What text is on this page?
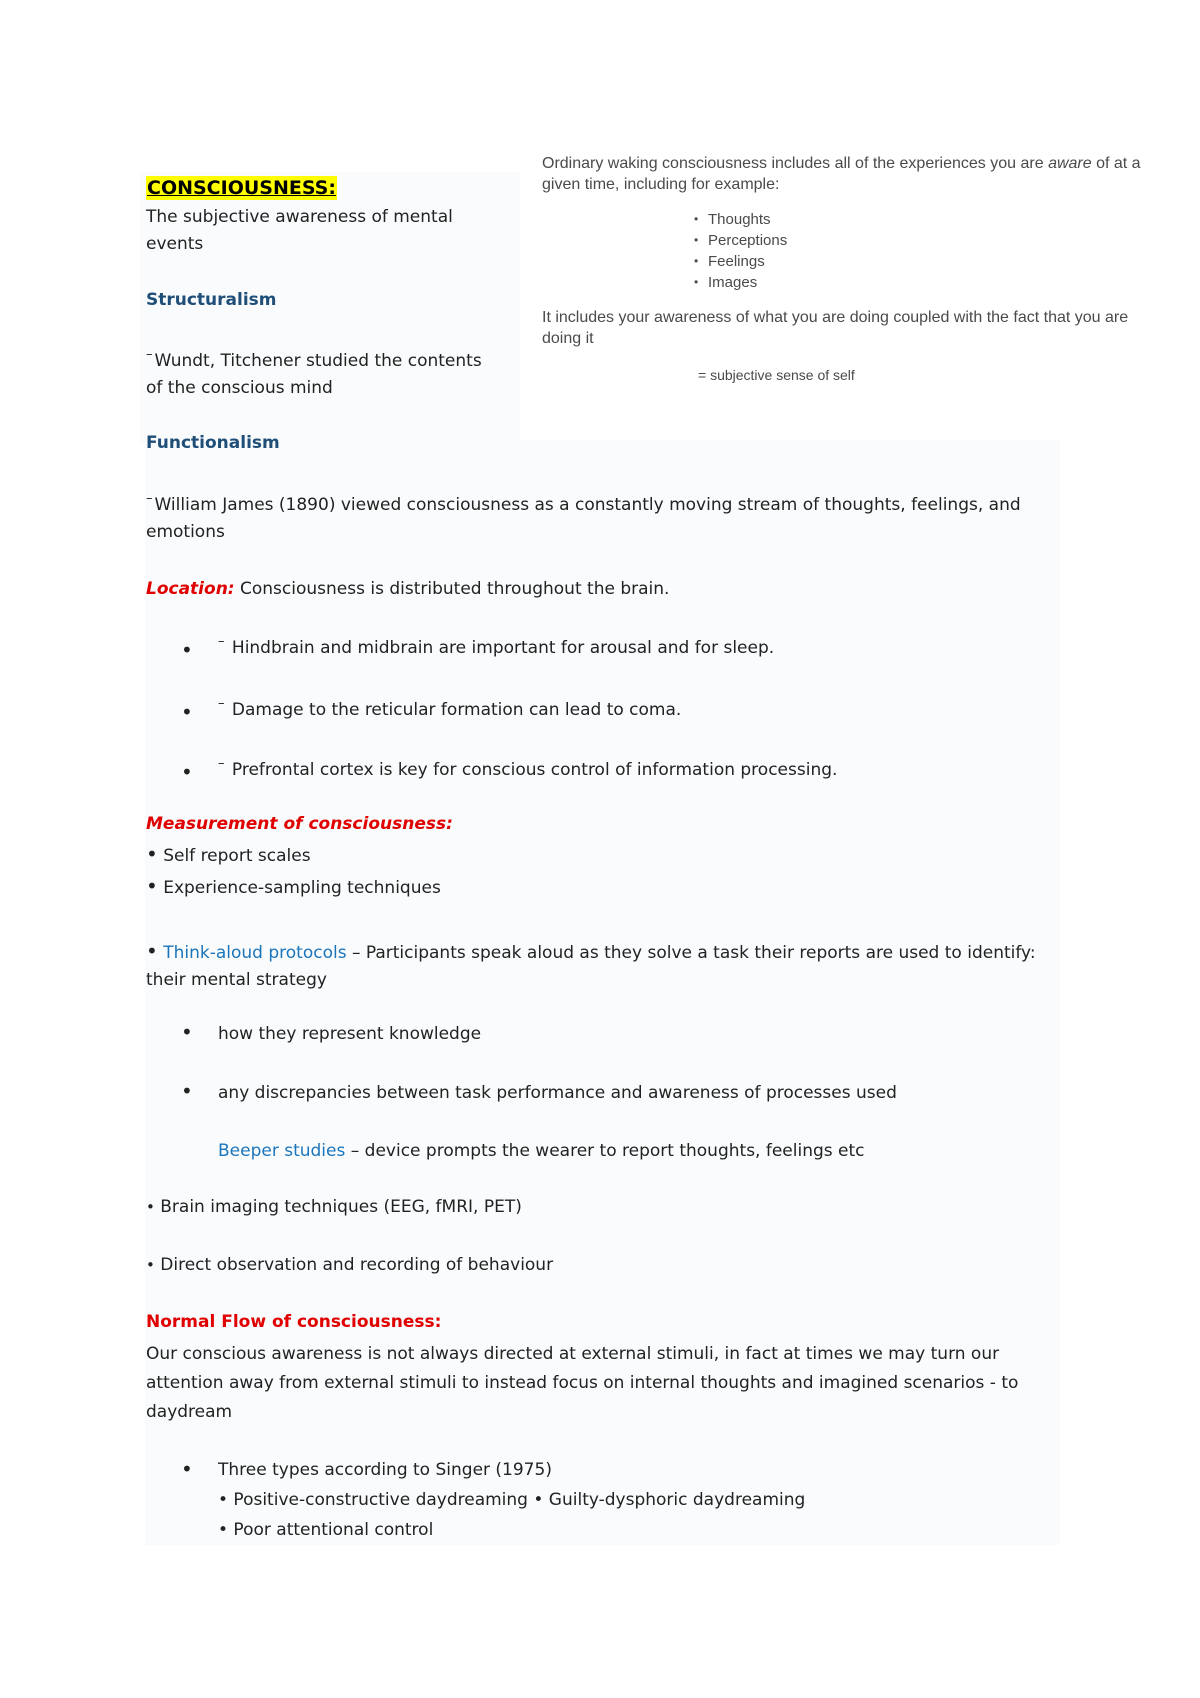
CONSCIOUSNESS:
The subjective awareness of mental events
Structuralism
– Wundt, Titchener studied the contents of the conscious mind
Functionalism
– William James (1890) viewed consciousness as a constantly moving stream of thoughts, feelings, and emotions
Ordinary waking consciousness includes all of the experiences you are aware of at a given time, including for example:
• Thoughts
• Perceptions
• Feelings
• Images
It includes your awareness of what you are doing coupled with the fact that you are doing it
= subjective sense of self
Location: Consciousness is distributed throughout the brain.
• – Hindbrain and midbrain are important for arousal and for sleep.
• – Damage to the reticular formation can lead to coma.
• – Prefrontal cortex is key for conscious control of information processing.
Measurement of consciousness:
• Self report scales
• Experience-sampling techniques
• Think-aloud protocols – Participants speak aloud as they solve a task their reports are used to identify: their mental strategy
• how they represent knowledge
• any discrepancies between task performance and awareness of processes used
Beeper studies – device prompts the wearer to report thoughts, feelings etc
• Brain imaging techniques (EEG, fMRI, PET)
• Direct observation and recording of behaviour
Normal Flow of consciousness:
Our conscious awareness is not always directed at external stimuli, in fact at times we may turn our attention away from external stimuli to instead focus on internal thoughts and imagined scenarios - to daydream
• Three types according to Singer (1975)
• Positive-constructive daydreaming • Guilty-dysphoric daydreaming
• Poor attentional control
